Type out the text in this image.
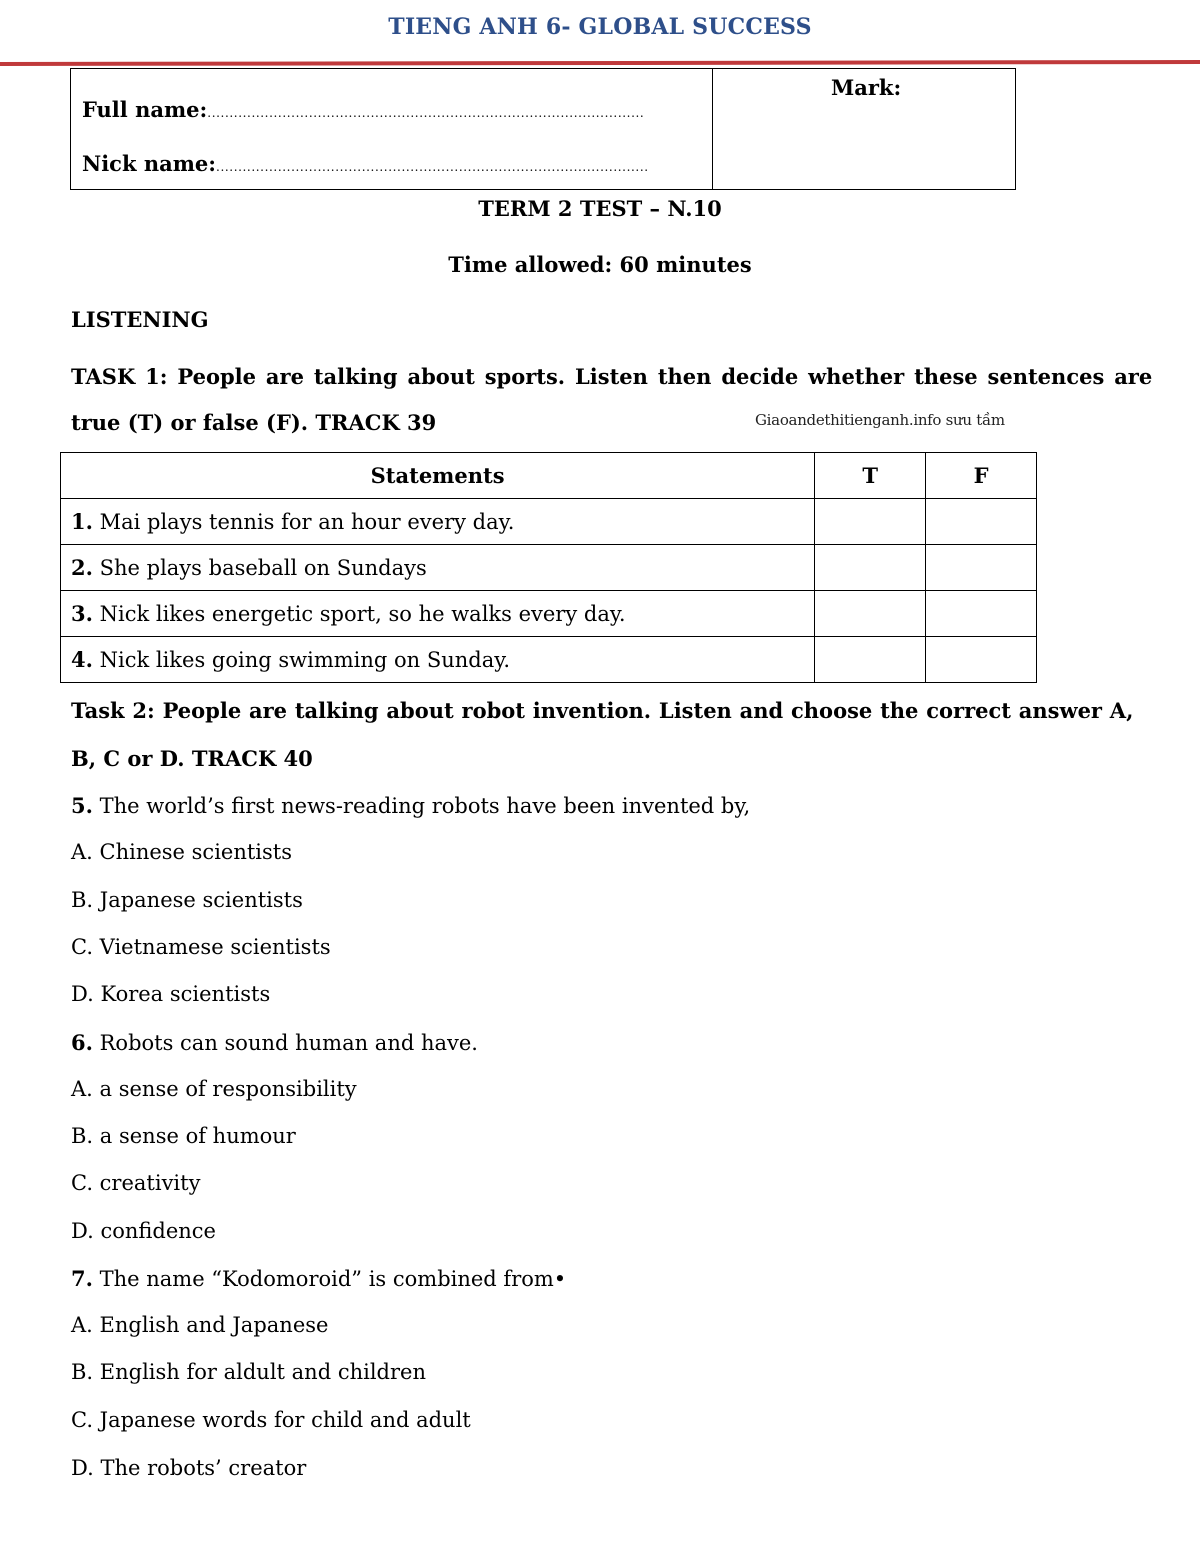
TIENG ANH 6- GLOBAL SUCCESS
Full name:...................................................................................................
Nick name:..................................................................................................
Mark:
TERM 2 TEST – N.10
Time allowed: 60 minutes
LISTENING
TASK 1: People are talking about sports. Listen then decide whether these sentences are
true (T) or false (F). TRACK 39	Giaoandethitienganh.info sưu tầm
Statements	T	F
1. Mai plays tennis for an hour every day.		
2. She plays baseball on Sundays		
3. Nick likes energetic sport, so he walks every day.		
4. Nick likes going swimming on Sunday.		
Task 2: People are talking about robot invention. Listen and choose the correct answer A,
B, C or D. TRACK 40
5. The world’s first news-reading robots have been invented by,
A. Chinese scientists
B. Japanese scientists
C. Vietnamese scientists
D. Korea scientists
6. Robots can sound human and have.
A. a sense of responsibility
B. a sense of humour
C. creativity
D. confidence
7. The name “Kodomoroid” is combined from•
A. English and Japanese
B. English for aldult and children
C. Japanese words for child and adult
D. The robots’ creator
